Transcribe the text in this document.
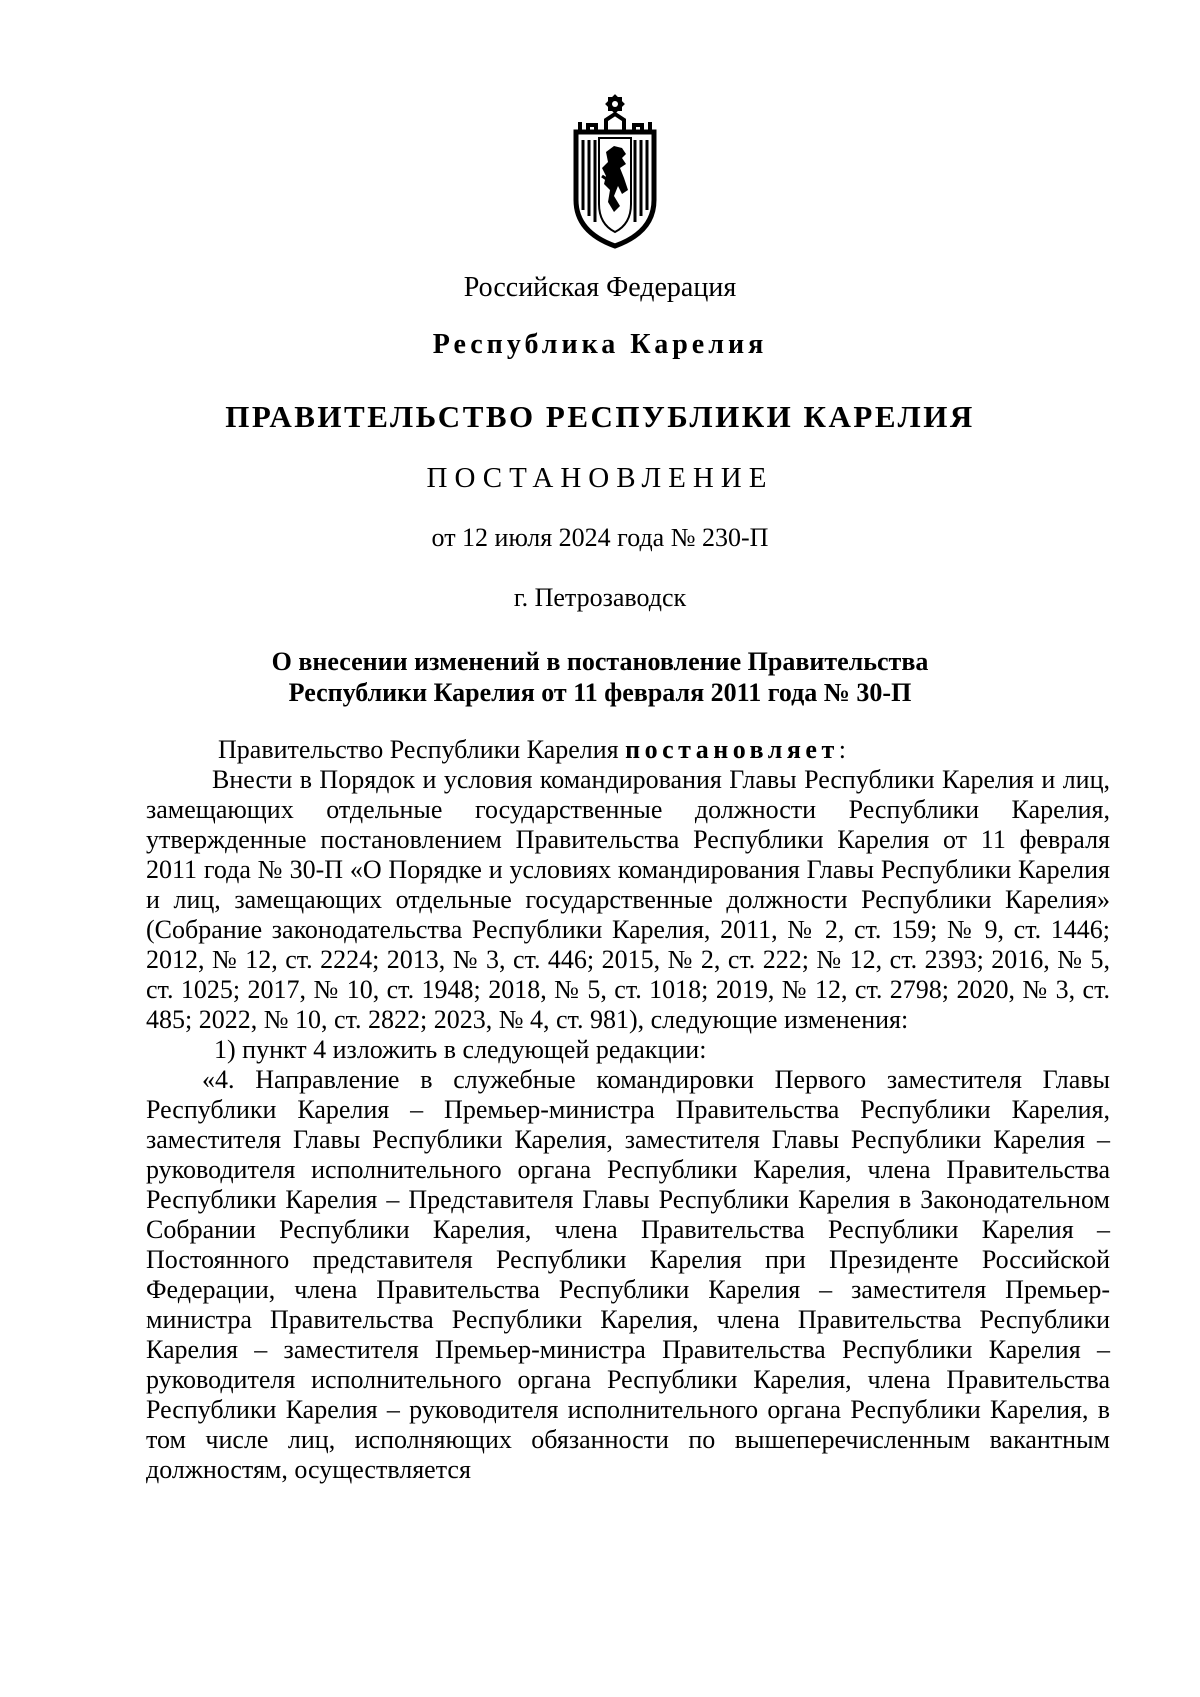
Российская Федерация
Республика Карелия
ПРАВИТЕЛЬСТВО РЕСПУБЛИКИ КАРЕЛИЯ
ПОСТАНОВЛЕНИЕ
от 12 июля 2024 года № 230-П
г. Петрозаводск
О внесении изменений в постановление Правительства
Республики Карелия от 11 февраля 2011 года № 30-П

Правительство Республики Карелия постановляет:

Внести в Порядок и условия командирования Главы Республики Карелия и лиц, замещающих отдельные государственные должности Республики Карелия, утвержденные постановлением Правительства Республики Карелия от 11 февраля 2011 года № 30-П «О Порядке и условиях командирования Главы Республики Карелия и лиц, замещающих отдельные государственные должности Республики Карелия» (Собрание законодательства Республики Карелия, 2011, № 2, ст. 159; № 9, ст. 1446; 2012, № 12, ст. 2224; 2013, № 3, ст. 446; 2015, № 2, ст. 222; № 12, ст. 2393; 2016, № 5, ст. 1025; 2017, № 10, ст. 1948; 2018, № 5, ст. 1018; 2019, № 12, ст. 2798; 2020, № 3, ст. 485; 2022, № 10, ст. 2822; 2023, № 4, ст. 981), следующие изменения:

1) пункт 4 изложить в следующей редакции:

«4. Направление в служебные командировки Первого заместителя Главы Республики Карелия – Премьер-министра Правительства Республики Карелия, заместителя Главы Республики Карелия, заместителя Главы Республики Карелия – руководителя исполнительного органа Республики Карелия, члена Правительства Республики Карелия – Представителя Главы Республики Карелия в Законодательном Собрании Республики Карелия, члена Правительства Республики Карелия – Постоянного представителя Республики Карелия при Президенте Российской Федерации, члена Правительства Республики Карелия – заместителя Премьер-министра Правительства Республики Карелия, члена Правительства Республики Карелия – заместителя Премьер-министра Правительства Республики Карелия – руководителя исполнительного органа Республики Карелия, члена Правительства Республики Карелия – руководителя исполнительного органа Республики Карелия, в том числе лиц, исполняющих обязанности по вышеперечисленным вакантным должностям, осуществляется
